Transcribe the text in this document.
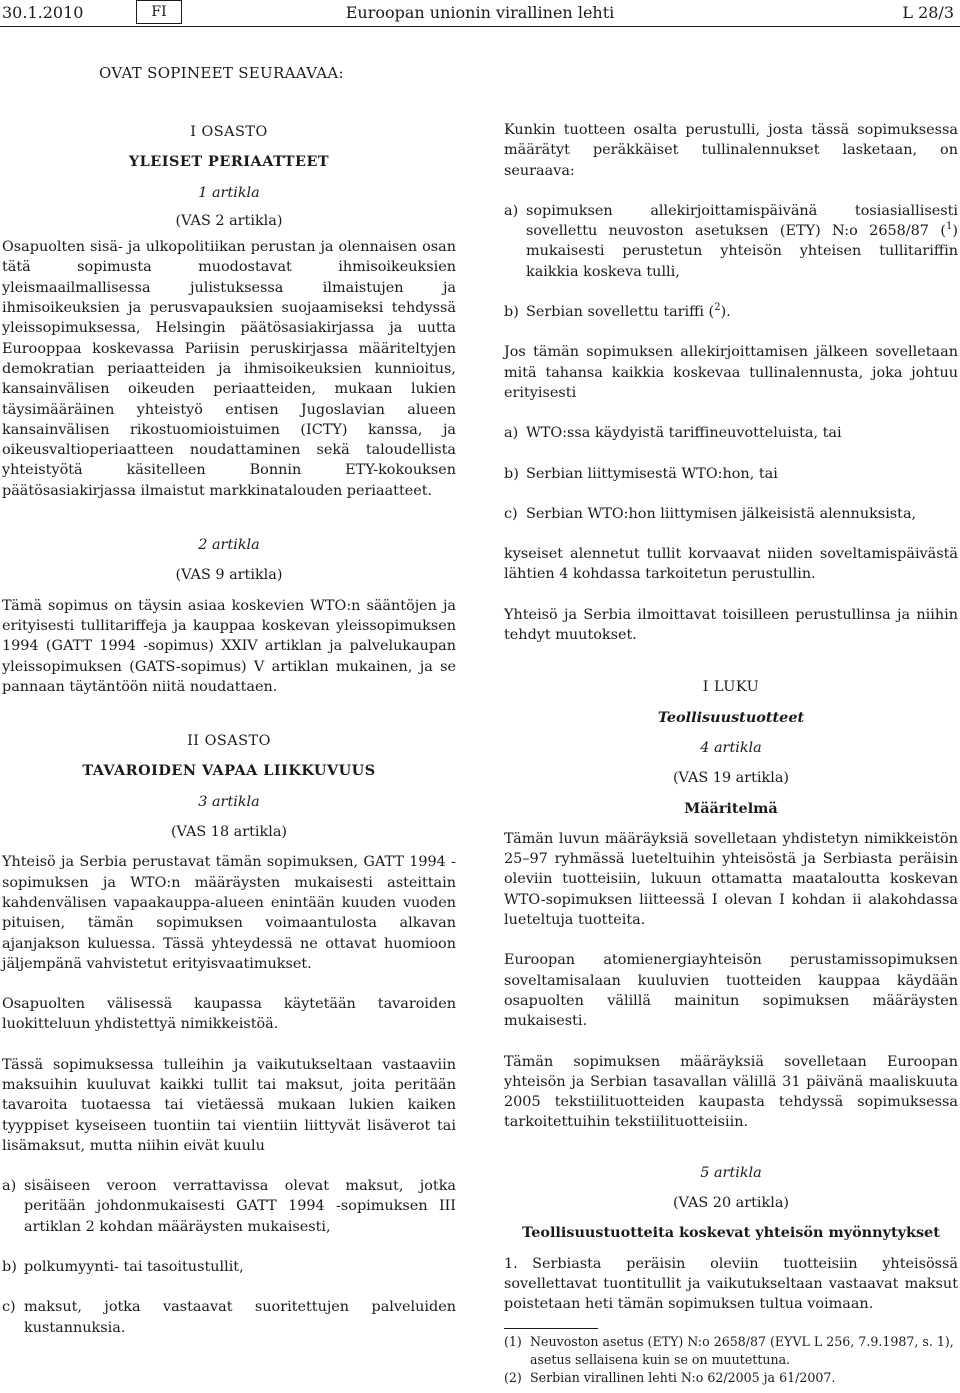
30.1.2010	FI	Euroopan unionin virallinen lehti	L 28/3
OVAT SOPINEET SEURAAVAA:

I OSASTO

YLEISET PERIAATTEET

1 artikla

(VAS 2 artikla)

Osapuolten sisä- ja ulkopolitiikan perustan ja olennaisen osan tätä sopimusta muodostavat ihmisoikeuksien yleismaailmallisessa julistuksessa ilmaistujen ja ihmisoikeuksien ja perusvapauksien suojaamiseksi tehdyssä yleissopimuksessa, Helsingin päätösasiakirjassa ja uutta Eurooppaa koskevassa Pariisin peruskirjassa määriteltyjen demokratian periaatteiden ja ihmisoikeuksien kunnioitus, kansainvälisen oikeuden periaatteiden, mukaan lukien täysimääräinen yhteistyö entisen Jugoslavian alueen kansainvälisen rikostuomioistuimen (ICTY) kanssa, ja oikeusvaltioperiaatteen noudattaminen sekä taloudellista yhteistyötä käsitelleen Bonnin ETY-kokouksen päätösasiakirjassa ilmaistut markkinatalouden periaatteet.

2 artikla

(VAS 9 artikla)

Tämä sopimus on täysin asiaa koskevien WTO:n sääntöjen ja erityisesti tullitariffeja ja kauppaa koskevan yleissopimuksen 1994 (GATT 1994 -sopimus) XXIV artiklan ja palvelukaupan yleissopimuksen (GATS-sopimus) V artiklan mukainen, ja se pannaan täytäntöön niitä noudattaen.

II OSASTO

TAVAROIDEN VAPAA LIIKKUVUUS

3 artikla

(VAS 18 artikla)

Yhteisö ja Serbia perustavat tämän sopimuksen, GATT 1994 -sopimuksen ja WTO:n määräysten mukaisesti asteittain kahdenvälisen vapaakauppa-alueen enintään kuuden vuoden pituisen, tämän sopimuksen voimaantulosta alkavan ajanjakson kuluessa. Tässä yhteydessä ne ottavat huomioon jäljempänä vahvistetut erityisvaatimukset.

Osapuolten välisessä kaupassa käytetään tavaroiden luokitteluun yhdistettyä nimikkeistöä.

Tässä sopimuksessa tulleihin ja vaikutukseltaan vastaaviin maksuihin kuuluvat kaikki tullit tai maksut, joita peritään tavaroita tuotaessa tai vietäessä mukaan lukien kaiken tyyppiset kyseiseen tuontiin tai vientiin liittyvät lisäverot tai lisämaksut, mutta niihin eivät kuulu

a) sisäiseen veroon verrattavissa olevat maksut, jotka peritään johdonmukaisesti GATT 1994 -sopimuksen III artiklan 2 kohdan määräysten mukaisesti,
b) polkumyynti- tai tasoitustullit,
c) maksut, jotka vastaavat suoritettujen palveluiden kustannuksia.

Kunkin tuotteen osalta perustulli, josta tässä sopimuksessa määrätyt peräkkäiset tullinalennukset lasketaan, on seuraava:

a) sopimuksen allekirjoittamispäivänä tosiasiallisesti sovellettu neuvoston asetuksen (ETY) N:o 2658/87 ($^1$) mukaisesti perustetun yhteisön yhteisen tullitariffin kaikkia koskeva tulli,
b) Serbian sovellettu tariffi ($^2$).

Jos tämän sopimuksen allekirjoittamisen jälkeen sovelletaan mitä tahansa kaikkia koskevaa tullinalennusta, joka johtuu erityisesti

a) WTO:ssa käydyistä tariffineuvotteluista, tai
b) Serbian liittymisestä WTO:hon, tai
c) Serbian WTO:hon liittymisen jälkeisistä alennuksista,

kyseiset alennetut tullit korvaavat niiden soveltamispäivästä lähtien 4 kohdassa tarkoitetun perustullin.

Yhteisö ja Serbia ilmoittavat toisilleen perustullinsa ja niihin tehdyt muutokset.

I LUKU

Teollisuustuotteet

4 artikla

(VAS 19 artikla)

Määritelmä

Tämän luvun määräyksiä sovelletaan yhdistetyn nimikkeistön 25–97 ryhmässä lueteltuihin yhteisöstä ja Serbiasta peräisin oleviin tuotteisiin, lukuun ottamatta maataloutta koskevan WTO-sopimuksen liitteessä I olevan I kohdan ii alakohdassa lueteltuja tuotteita.

Euroopan atomienergiayhteisön perustamissopimuksen soveltamisalaan kuuluvien tuotteiden kauppaa käydään osapuolten välillä mainitun sopimuksen määräysten mukaisesti.

Tämän sopimuksen määräyksiä sovelletaan Euroopan yhteisön ja Serbian tasavallan välillä 31 päivänä maaliskuuta 2005 tekstiilituotteiden kaupasta tehdyssä sopimuksessa tarkoitettuihin tekstiilituotteisiin.

5 artikla

(VAS 20 artikla)

Teollisuustuotteita koskevat yhteisön myönnytykset

1. Serbiasta peräisin oleviin tuotteisiin yhteisössä sovellettavat tuontitullit ja vaikutukseltaan vastaavat maksut poistetaan heti tämän sopimuksen tultua voimaan.

(1) Neuvoston asetus (ETY) N:o 2658/87 (EYVL L 256, 7.9.1987, s. 1), asetus sellaisena kuin se on muutettuna.
(2) Serbian virallinen lehti N:o 62/2005 ja 61/2007.
